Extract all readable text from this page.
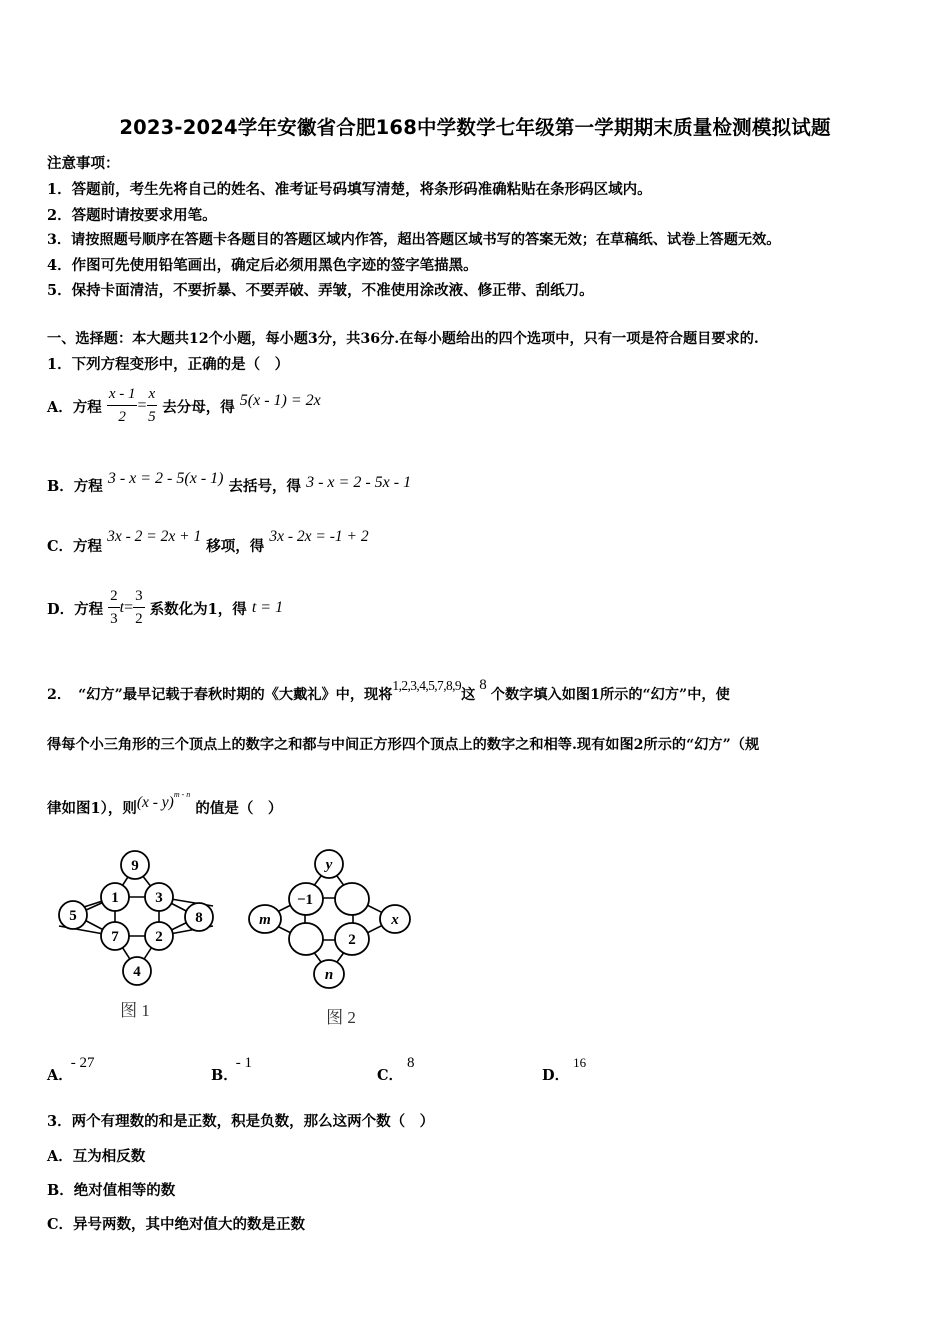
2023-2024学年安徽省合肥168中学数学七年级第一学期期末质量检测模拟试题
注意事项：
1．答题前，考生先将自己的姓名、准考证号码填写清楚，将条形码准确粘贴在条形码区域内。
2．答题时请按要求用笔。
3．请按照题号顺序在答题卡各题目的答题区域内作答，超出答题区域书写的答案无效；在草稿纸、试卷上答题无效。
4．作图可先使用铅笔画出，确定后必须用黑色字迹的签字笔描黑。
5．保持卡面清洁，不要折暴、不要弄破、弄皱，不准使用涂改液、修正带、刮纸刀。
一、选择题：本大题共12个小题，每小题3分，共36分.在每小题给出的四个选项中，只有一项是符合题目要求的.
1．下列方程变形中，正确的是（　）
A．方程 $\frac{x - 1}{2} = \frac{x}{5}$ 去分母，得 5(x - 1) = 2x
B．方程 3 - x = 2 - 5(x - 1) 去括号，得 3 - x = 2 - 5x - 1
C．方程 3x - 2 = 2x + 1 移项，得 3x - 2x = -1 + 2
D．方程 $\frac{2}{3} t= \frac{3}{2}$ 系数化为1，得 t = 1
2．　“幻方”最早记载于春秋时期的《大戴礼》中，现将1,2,3,4,5,7,8,9这8个数字填入如图1所示的“幻方”中，使
得每个小三角形的三个顶点上的数字之和都与中间正方形四个顶点上的数字之和相等.现有如图2所示的“幻方”（规
律如图1），则(x - y)$^{m - n}$ 的值是（　）
9
1 3
7 2
5	8
4
图 1
y
−1
2
m	x
n
图 2
A．- 27
B．- 1
C．8
D．16
3．两个有理数的和是正数，积是负数，那么这两个数（　）
A．互为相反数
B．绝对值相等的数
C．异号两数，其中绝对值大的数是正数
